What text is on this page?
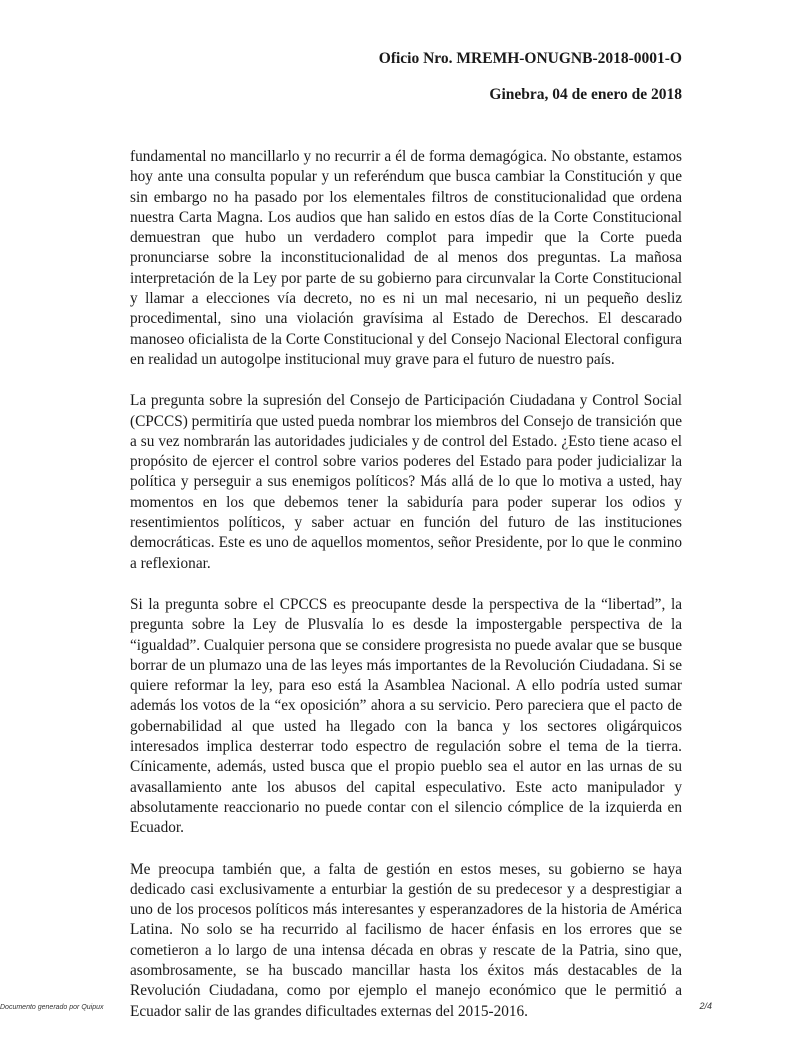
Oficio Nro. MREMH-ONUGNB-2018-0001-O
Ginebra, 04 de enero de 2018

fundamental no mancillarlo y no recurrir a él de forma demagógica. No obstante, estamos hoy ante una consulta popular y un referéndum que busca cambiar la Constitución y que sin embargo no ha pasado por los elementales filtros de constitucionalidad que ordena nuestra Carta Magna. Los audios que han salido en estos días de la Corte Constitucional demuestran que hubo un verdadero complot para impedir que la Corte pueda pronunciarse sobre la inconstitucionalidad de al menos dos preguntas. La mañosa interpretación de la Ley por parte de su gobierno para circunvalar la Corte Constitucional y llamar a elecciones vía decreto, no es ni un mal necesario, ni un pequeño desliz procedimental, sino una violación gravísima al Estado de Derechos. El descarado manoseo oficialista de la Corte Constitucional y del Consejo Nacional Electoral configura en realidad un autogolpe institucional muy grave para el futuro de nuestro país.

La pregunta sobre la supresión del Consejo de Participación Ciudadana y Control Social (CPCCS) permitiría que usted pueda nombrar los miembros del Consejo de transición que a su vez nombrarán las autoridades judiciales y de control del Estado. ¿Esto tiene acaso el propósito de ejercer el control sobre varios poderes del Estado para poder judicializar la política y perseguir a sus enemigos políticos? Más allá de lo que lo motiva a usted, hay momentos en los que debemos tener la sabiduría para poder superar los odios y resentimientos políticos, y saber actuar en función del futuro de las instituciones democráticas. Este es uno de aquellos momentos, señor Presidente, por lo que le conmino a reflexionar.

Si la pregunta sobre el CPCCS es preocupante desde la perspectiva de la “libertad”, la pregunta sobre la Ley de Plusvalía lo es desde la impostergable perspectiva de la “igualdad”. Cualquier persona que se considere progresista no puede avalar que se busque borrar de un plumazo una de las leyes más importantes de la Revolución Ciudadana. Si se quiere reformar la ley, para eso está la Asamblea Nacional. A ello podría usted sumar además los votos de la “ex oposición” ahora a su servicio. Pero pareciera que el pacto de gobernabilidad al que usted ha llegado con la banca y los sectores oligárquicos interesados implica desterrar todo espectro de regulación sobre el tema de la tierra. Cínicamente, además, usted busca que el propio pueblo sea el autor en las urnas de su avasallamiento ante los abusos del capital especulativo. Este acto manipulador y absolutamente reaccionario no puede contar con el silencio cómplice de la izquierda en Ecuador.

Me preocupa también que, a falta de gestión en estos meses, su gobierno se haya dedicado casi exclusivamente a enturbiar la gestión de su predecesor y a desprestigiar a uno de los procesos políticos más interesantes y esperanzadores de la historia de América Latina. No solo se ha recurrido al facilismo de hacer énfasis en los errores que se cometieron a lo largo de una intensa década en obras y rescate de la Patria, sino que, asombrosamente, se ha buscado mancillar hasta los éxitos más destacables de la Revolución Ciudadana, como por ejemplo el manejo económico que le permitió a Ecuador salir de las grandes dificultades externas del 2015-2016.

Documento generado por Quipux	2/4
